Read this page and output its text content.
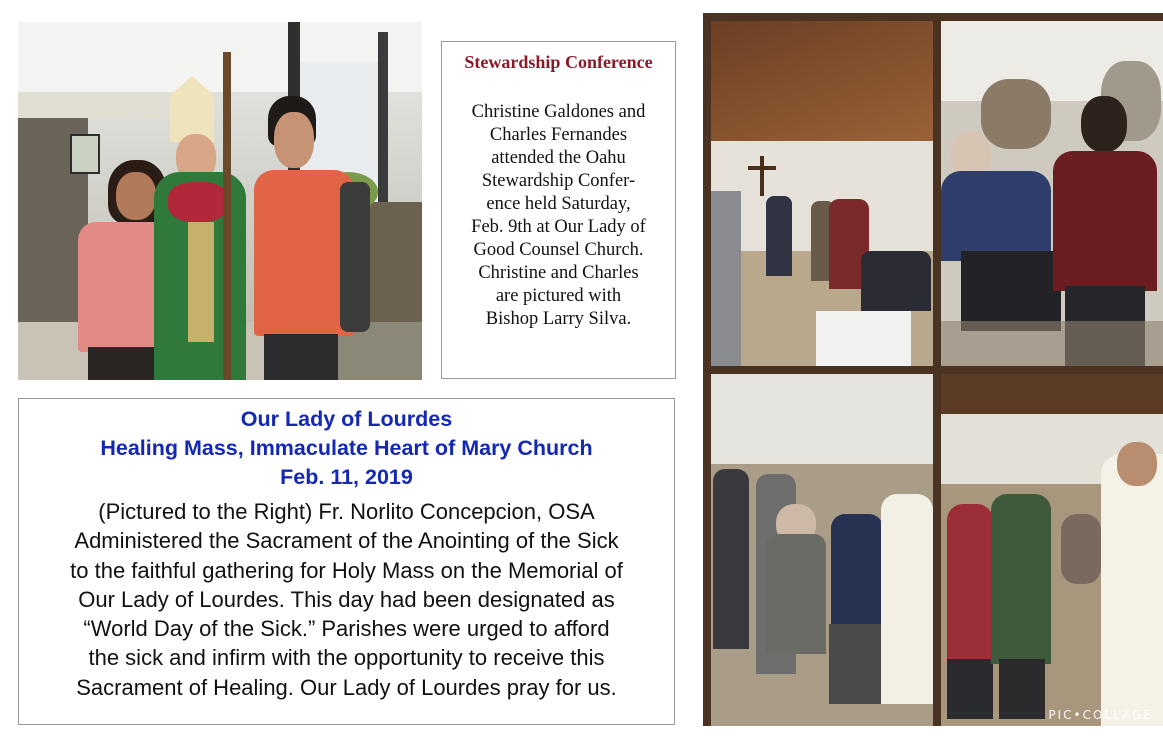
Stewardship Conference
Christine Galdones and
Charles Fernandes
attended the Oahu
Stewardship Confer-
ence held Saturday,
Feb. 9th at Our Lady of
Good Counsel Church.
Christine and Charles
are pictured with
Bishop Larry Silva.
Our Lady of Lourdes
Healing Mass, Immaculate Heart of Mary Church
Feb. 11, 2019
(Pictured to the Right) Fr. Norlito Concepcion, OSA
Administered the Sacrament of the Anointing of the Sick
to the faithful gathering for Holy Mass on the Memorial of
Our Lady of Lourdes. This day had been designated as
“World Day of the Sick.” Parishes were urged to afford
the sick and infirm with the opportunity to receive this
Sacrament of Healing. Our Lady of Lourdes pray for us.
PIC•COLLAGE
